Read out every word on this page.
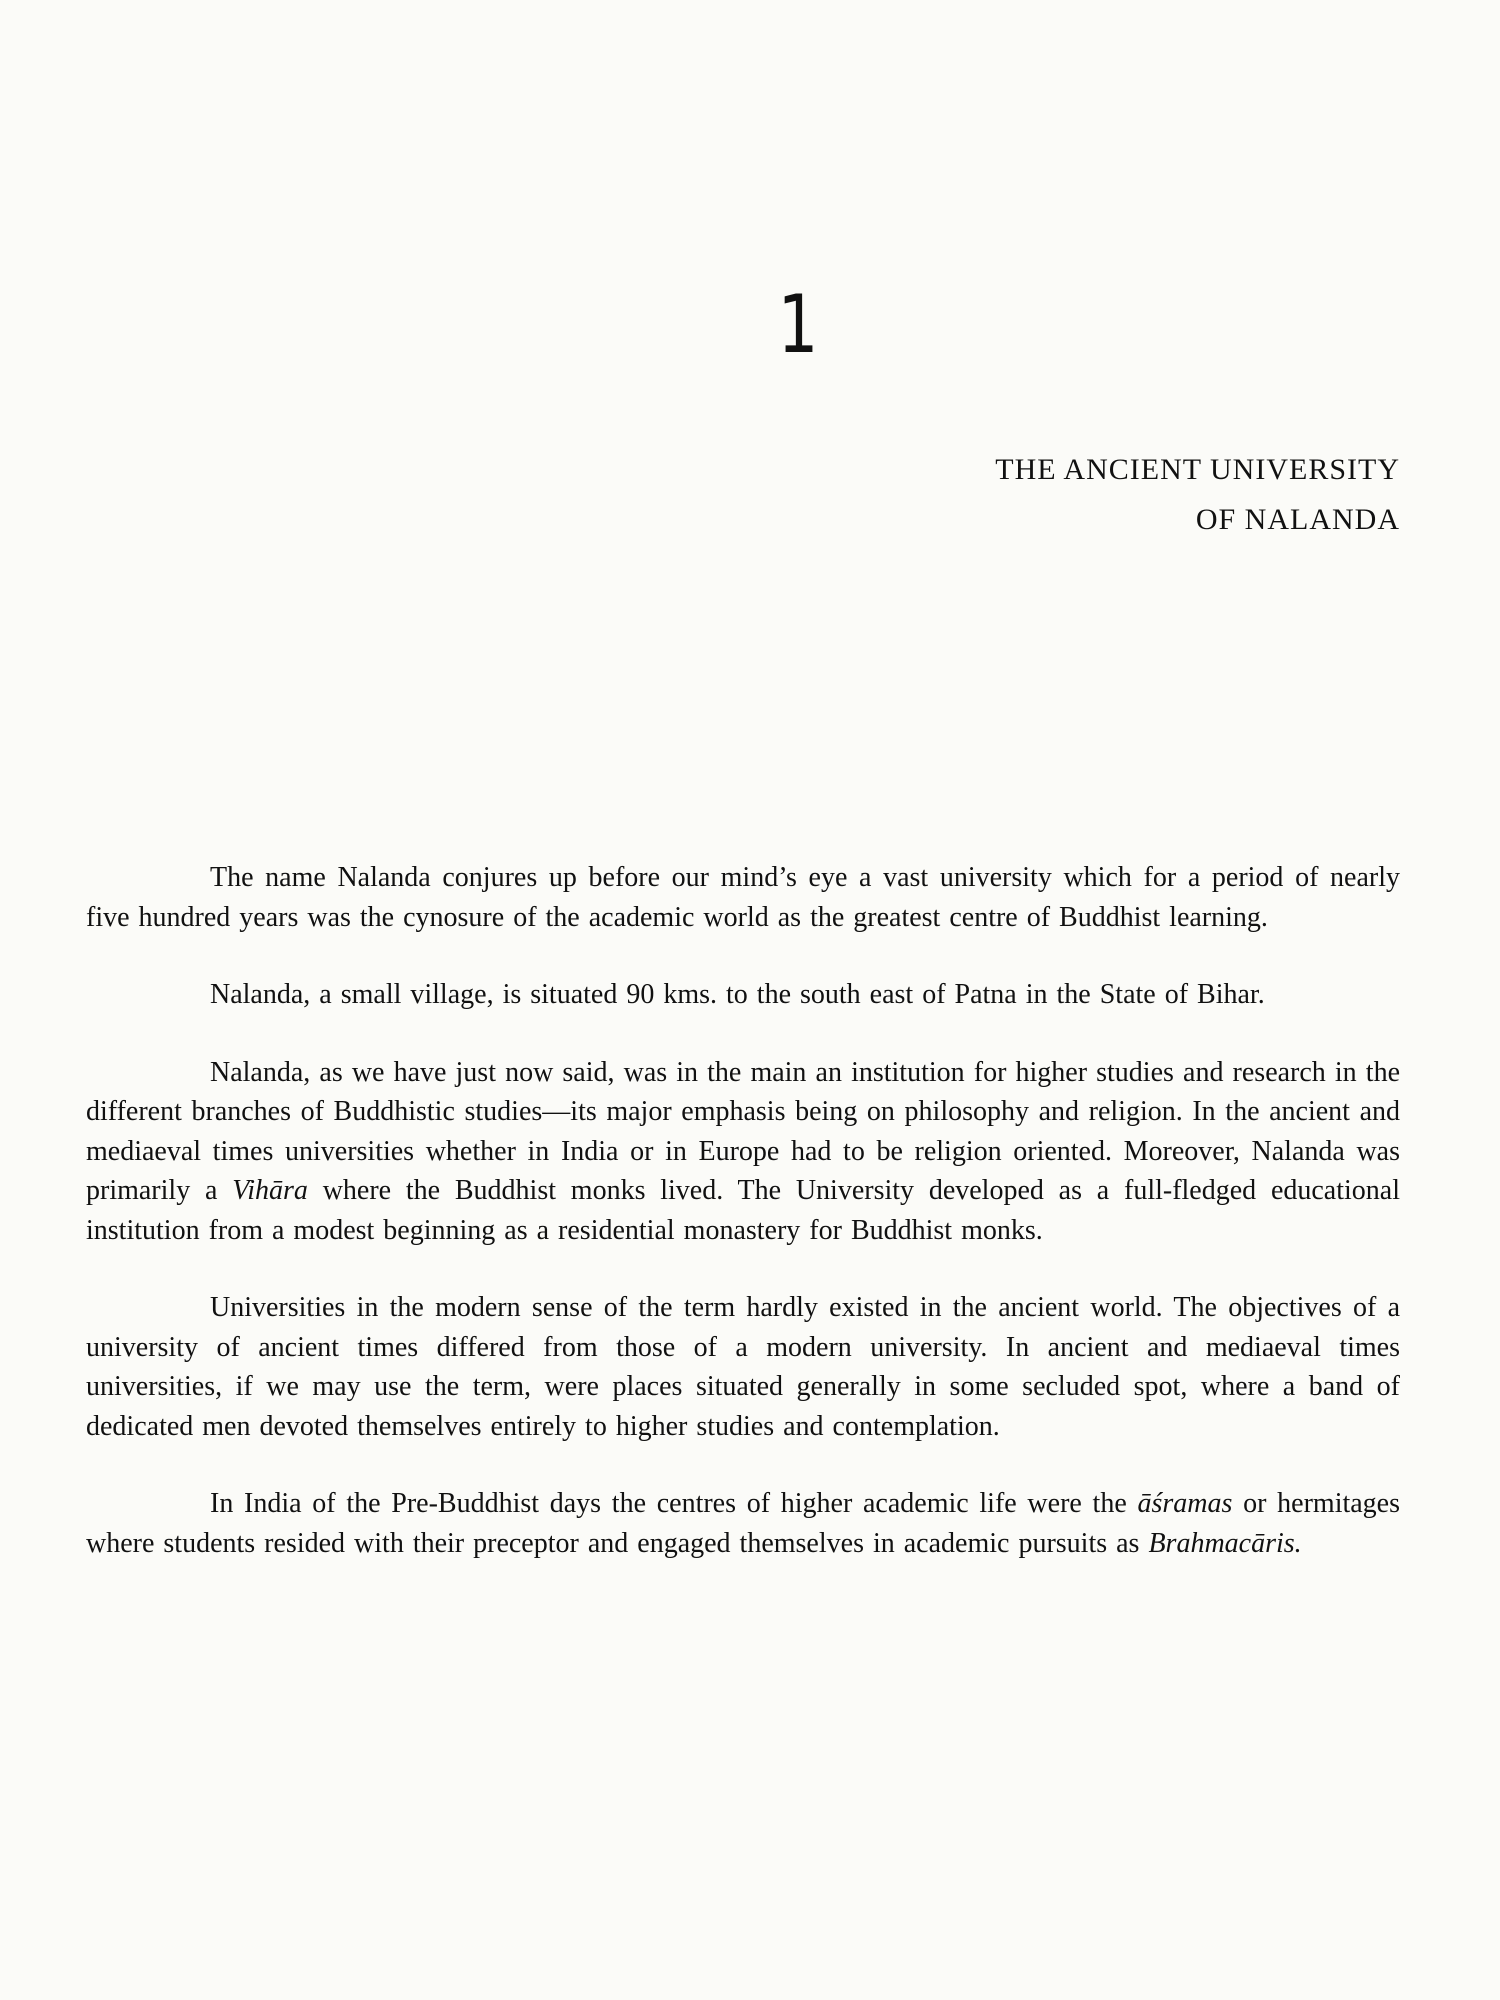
1
THE ANCIENT UNIVERSITY
OF NALANDA

The name Nalanda conjures up before our mind’s eye a vast university which for a period of nearly five hundred years was the cynosure of the academic world as the greatest centre of Buddhist learning.

Nalanda, a small village, is situated 90 kms. to the south east of Patna in the State of Bihar.

Nalanda, as we have just now said, was in the main an institution for higher studies and research in the different branches of Buddhistic studies—its major emphasis being on philosophy and religion. In the ancient and mediaeval times universities whether in India or in Europe had to be religion oriented. Moreover, Nalanda was primarily a Vihāra where the Buddhist monks lived. The University developed as a full-fledged educational institution from a modest beginning as a residential monastery for Buddhist monks.

Universities in the modern sense of the term hardly existed in the ancient world. The objectives of a university of ancient times differed from those of a modern university. In ancient and mediaeval times universities, if we may use the term, were places situated generally in some secluded spot, where a band of dedicated men devoted themselves entirely to higher studies and contemplation.

In India of the Pre-Buddhist days the centres of higher academic life were the āśramas or hermitages where students resided with their preceptor and engaged themselves in academic pursuits as Brahmacāris.
